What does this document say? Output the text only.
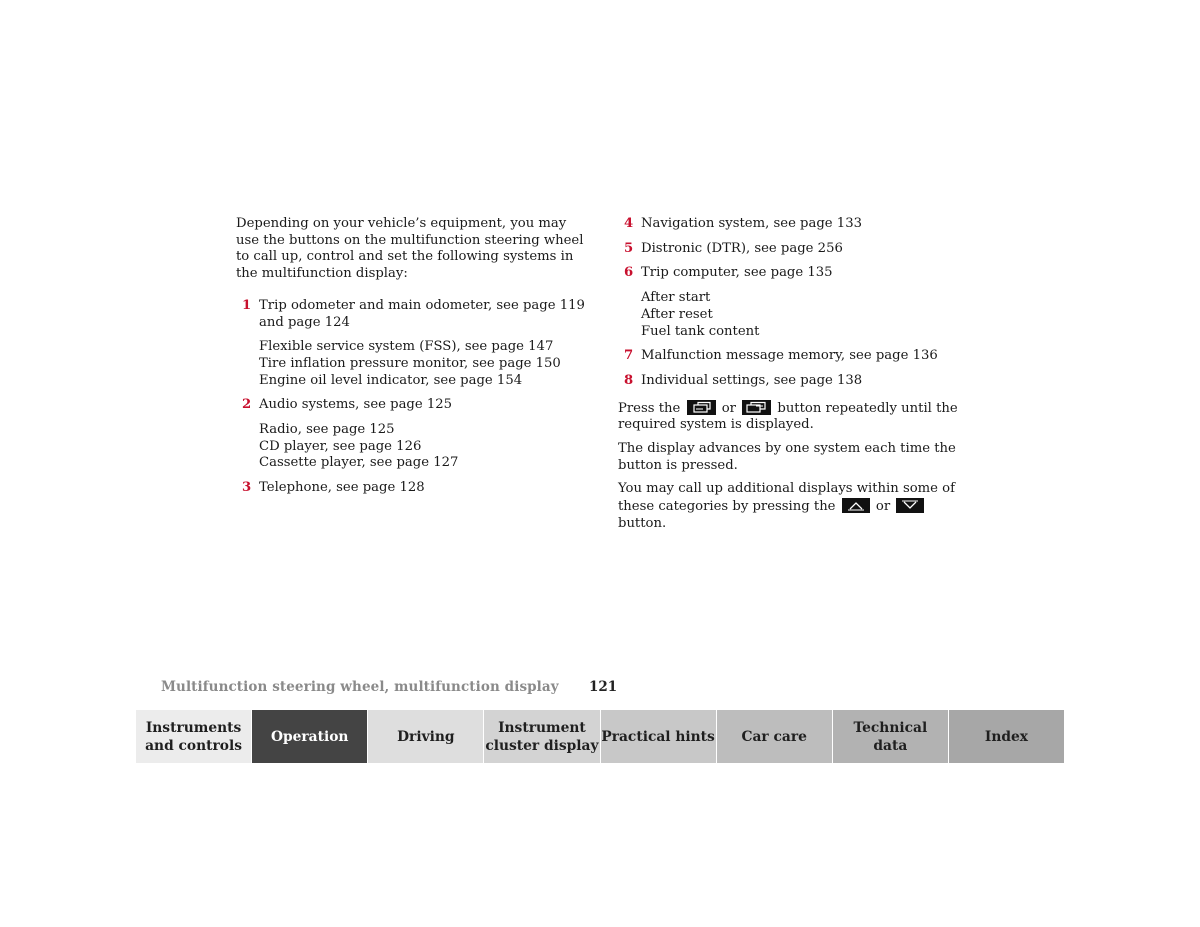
Depending on your vehicle’s equipment, you may use the buttons on the multifunction steering wheel to call up, control and set the following systems in the multifunction display:

1 Trip odometer and main odometer, see page 119 and page 124
Flexible service system (FSS), see page 147
Tire inflation pressure monitor, see page 150
Engine oil level indicator, see page 154
2 Audio systems, see page 125
Radio, see page 125
CD player, see page 126
Cassette player, see page 127
3 Telephone, see page 128
4 Navigation system, see page 133
5 Distronic (DTR), see page 256
6 Trip computer, see page 135
After start
After reset
Fuel tank content
7 Malfunction message memory, see page 136
8 Individual settings, see page 138

Press the	or	button repeatedly until the required system is displayed.

The display advances by one system each time the button is pressed.

You may call up additional displays within some of these categories by pressing the	or
button.

Multifunction steering wheel, multifunction display 121
Instruments
and controls
Operation	Driving
Instrument
cluster display
Practical hints Car care
Technical
data
Index
